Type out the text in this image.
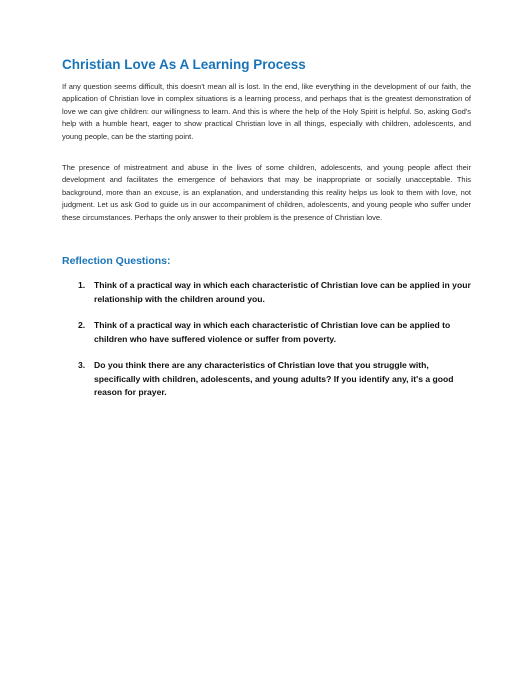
Christian Love As A Learning Process

If any question seems difficult, this doesn't mean all is lost. In the end, like everything in the development of our faith, the application of Christian love in complex situations is a learning process, and perhaps that is the greatest demonstration of love we can give children: our willingness to learn. And this is where the help of the Holy Spirit is helpful. So, asking God's help with a humble heart, eager to show practical Christian love in all things, especially with children, adolescents, and young people, can be the starting point.

The presence of mistreatment and abuse in the lives of some children, adolescents, and young people affect their development and facilitates the emergence of behaviors that may be inappropriate or socially unacceptable. This background, more than an excuse, is an explanation, and understanding this reality helps us look to them with love, not judgment. Let us ask God to guide us in our accompaniment of children, adolescents, and young people who suffer under these circumstances. Perhaps the only answer to their problem is the presence of Christian love.

Reflection Questions:
1. Think of a practical way in which each characteristic of Christian love can be applied in your relationship with the children around you.
2. Think of a practical way in which each characteristic of Christian love can be applied to children who have suffered violence or suffer from poverty.
3. Do you think there are any characteristics of Christian love that you struggle with, specifically with children, adolescents, and young adults? If you identify any, it's a good reason for prayer.
